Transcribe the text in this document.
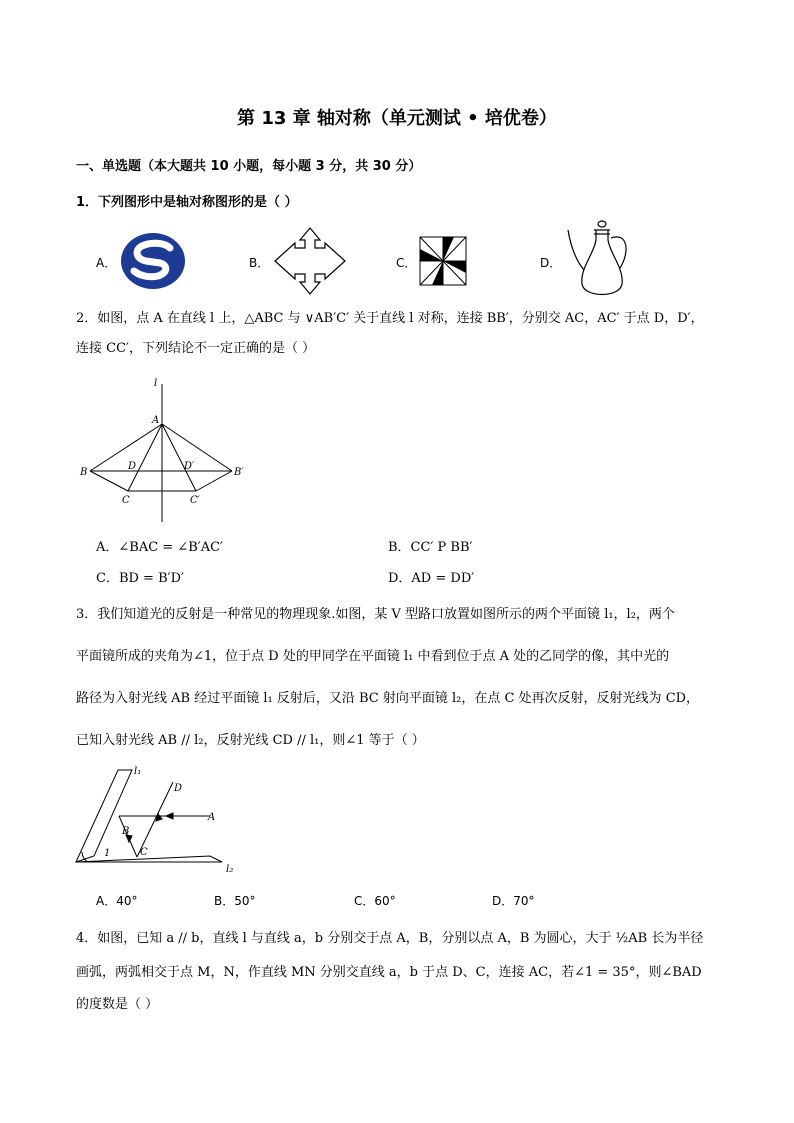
第 13 章 轴对称（单元测试 • 培优卷）
一、单选题（本大题共 10 小题，每小题 3 分，共 30 分）
1．下列图形中是轴对称图形的是（ ）
A．	B．	C．	D．
2．如图，点 A 在直线 l 上，△ABC 与 ∨AB′C′ 关于直线 l 对称，连接 BB′，分别交 AC，AC′ 于点 D，D′，
连接 CC′，下列结论不一定正确的是（ ）
l
A
B	B′
D	D′
C	C′
A．∠BAC = ∠B′AC′	B．CC′ P BB′
C．BD = B′D′	D．AD = DD′
3．我们知道光的反射是一种常见的物理现象.如图，某 V 型路口放置如图所示的两个平面镜 l₁，l₂，两个
平面镜所成的夹角为∠1，位于点 D 处的甲同学在平面镜 l₁ 中看到位于点 A 处的乙同学的像，其中光的
路径为入射光线 AB 经过平面镜 l₁ 反射后，又沿 BC 射向平面镜 l₂，在点 C 处再次反射，反射光线为 CD，
已知入射光线 AB // l₂，反射光线 CD // l₁，则∠1 等于（ ）
l₁
l₂
A
D
B
C
1
A．40°	B．50°	C．60°	D．70°
4．如图，已知 a // b，直线 l 与直线 a，b 分别交于点 A，B，分别以点 A，B 为圆心，大于 ½AB 长为半径
画弧，两弧相交于点 M，N，作直线 MN 分别交直线 a，b 于点 D、C，连接 AC，若∠1 = 35°，则∠BAD
的度数是（ ）
